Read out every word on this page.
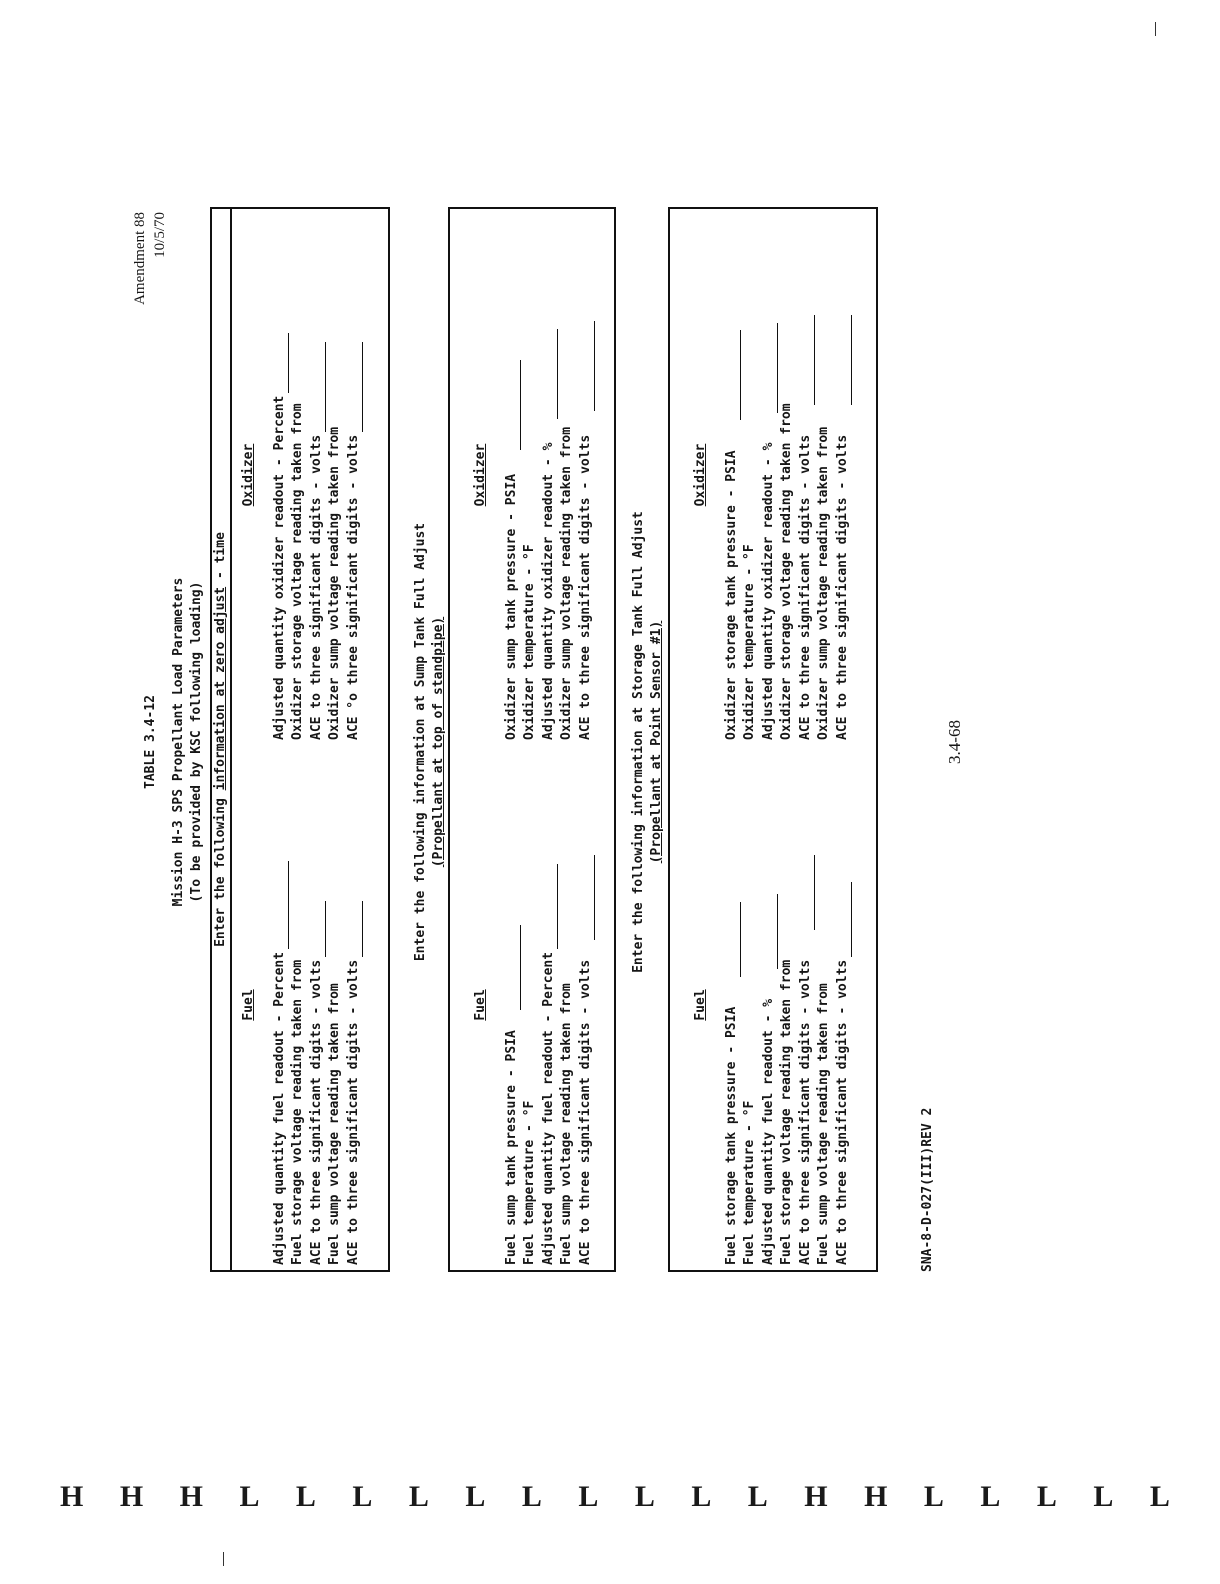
Amendment 88 10/5/70
TABLE 3.4-12 Mission H-3 SPS Propellant Load Parameters (To be provided by KSC following loading) Enter the following information at zero adjust - time
Fuel Adjusted quantity fuel readout - Percent Fuel storage voltage reading taken from ACE to three significant digits - volts Fuel sump voltage reading taken from ACE to three significant digits - volts
Oxidizer Adjusted quantity oxidizer readout - Percent Oxidizer storage voltage reading taken from ACE to three significant digits - volts Oxidizer sump voltage reading taken from ACE °o three significant digits - volts	Enter the following information at Sump Tank Full Adjust (Propellant at top of standpipe)
Fuel
Fuel sump tank pressure - PSIA Fuel temperature - °F Adjusted quantity fuel readout - Percent Fuel sump voltage reading taken from ACE to three significant digits - volts
Oxidizer Oxidizer sump tank pressure - PSIA Oxidizer temperature - °F Adjusted quantity oxidizer readout - % Oxidizer sump voltage reading taken from ACE to three significant digits - volts	Enter the following information at Storage Tank Full Adjust (Propellant at Point Sensor #1)
Fuel
Fuel storage tank pressure - PSIA Fuel temperature - °F Adjusted quantity fuel readout - % Fuel storage voltage reading taken from ACE to three significant digits - volts Fuel sump voltage reading taken from ACE to three significant digits - volts
Oxidizer Oxidizer storage tank pressure - PSIA Oxidizer temperature - °F Adjusted quantity oxidizer readout - % Oxidizer storage voltage reading taken from ACE to three significant digits - volts Oxidizer sump voltage reading taken from ACE to three significant digits - volts
3.4-68
SNA-8-D-027(III)REV 2
H H H L L L L L L L L L L H H L L L L L
